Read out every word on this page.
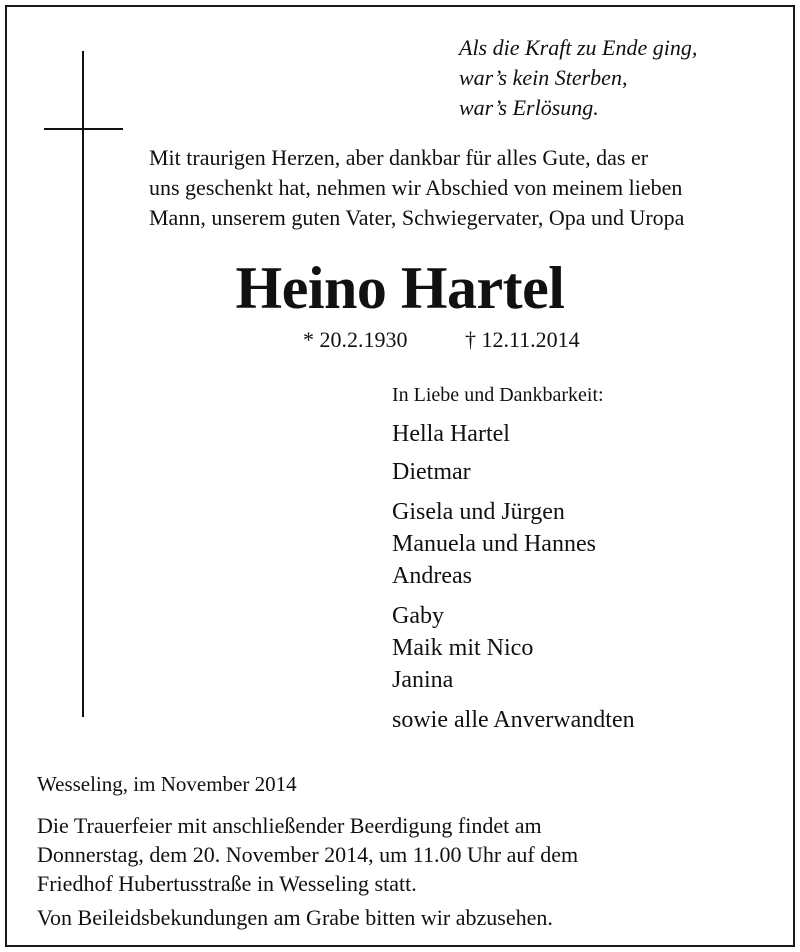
Als die Kraft zu Ende ging,
war’s kein Sterben,
war’s Erlösung.
Mit traurigen Herzen, aber dankbar für alles Gute, das er
uns geschenkt hat, nehmen wir Abschied von meinem lieben
Mann, unserem guten Vater, Schwiegervater, Opa und Uropa
Heino Hartel
* 20.2.1930	† 12.11.2014
In Liebe und Dankbarkeit:
Hella Hartel
Dietmar
Gisela und Jürgen
Manuela und Hannes
Andreas
Gaby
Maik mit Nico
Janina
sowie alle Anverwandten
Wesseling, im November 2014
Die Trauerfeier mit anschließender Beerdigung findet am
Donnerstag, dem 20. November 2014, um 11.00 Uhr auf dem
Friedhof Hubertusstraße in Wesseling statt.
Von Beileidsbekundungen am Grabe bitten wir abzusehen.
